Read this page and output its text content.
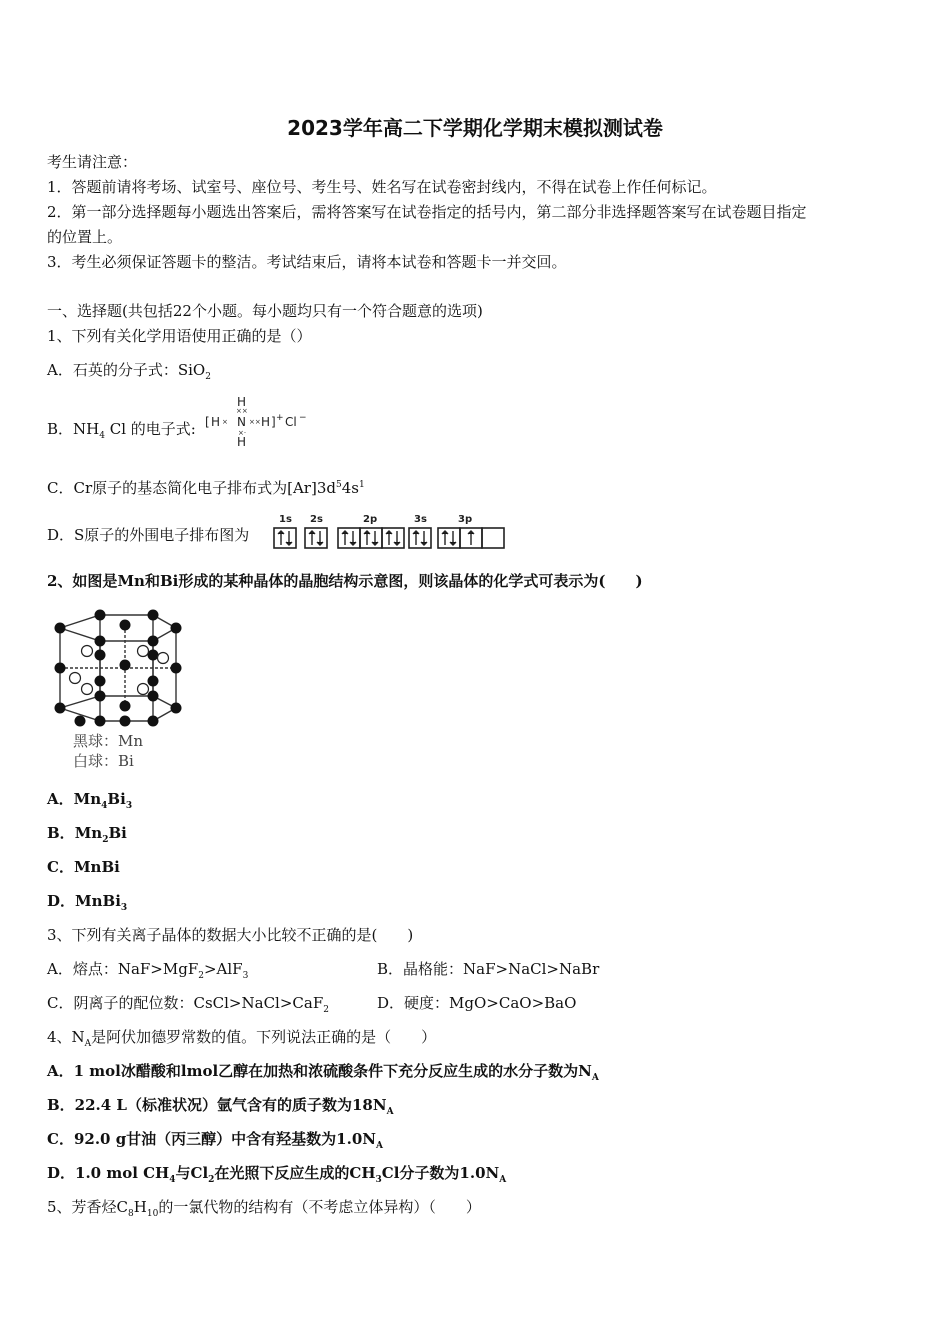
2023学年高二下学期化学期末模拟测试卷
考生请注意：
1．答题前请将考场、试室号、座位号、考生号、姓名写在试卷密封线内，不得在试卷上作任何标记。
2．第一部分选择题每小题选出答案后，需将答案写在试卷指定的括号内，第二部分非选择题答案写在试卷题目指定
的位置上。
3．考生必须保证答题卡的整洁。考试结束后，请将本试卷和答题卡一并交回。
一、选择题(共包括22个小题。每小题均只有一个符合题意的选项)
1、下列有关化学用语使用正确的是（）
A．石英的分子式：SiO$_2$
B．$NH_4$ Cl 的电子式: [ H × N
H
××
××
×·
H
H ] + Cl −
C．Cr原子的基态简化电子排布式为$[Ar]3d^54s^1$
D．S原子的外围电子排布图为
1s 2s	2p	3s	3p
2、如图是Mn和Bi形成的某种晶体的晶胞结构示意图，则该晶体的化学式可表示为( )
黑球：Mn
白球：Bi
A．$Mn_4Bi_3$
B．$Mn_2Bi$
C．MnBi
D．MnBi$_3$
3、下列有关离子晶体的数据大小比较不正确的是(　　)
A．熔点：NaF>MgF$_2$>AlF$_3$	B．晶格能：NaF>NaCl>NaBr
C．阴离子的配位数：CsCl>NaCl>CaF$_2$	D．硬度：MgO>CaO>BaO
4、$N_A$是阿伏加德罗常数的值。下列说法正确的是（　　）
A．1 mol冰醋酸和lmol乙醇在加热和浓硫酸条件下充分反应生成的水分子数为$N_A$
B．22.4 L（标准状况）氩气含有的质子数为$18N_A$
C．92.0 g甘油（丙三醇）中含有羟基数为$1.0N_A$
D．1.0 mol $CH_4$与$Cl_2$在光照下反应生成的$CH_3Cl$分子数为$1.0N_A$
5、芳香烃$C_8H_{10}$的一氯代物的结构有（不考虑立体异构）（　　）
